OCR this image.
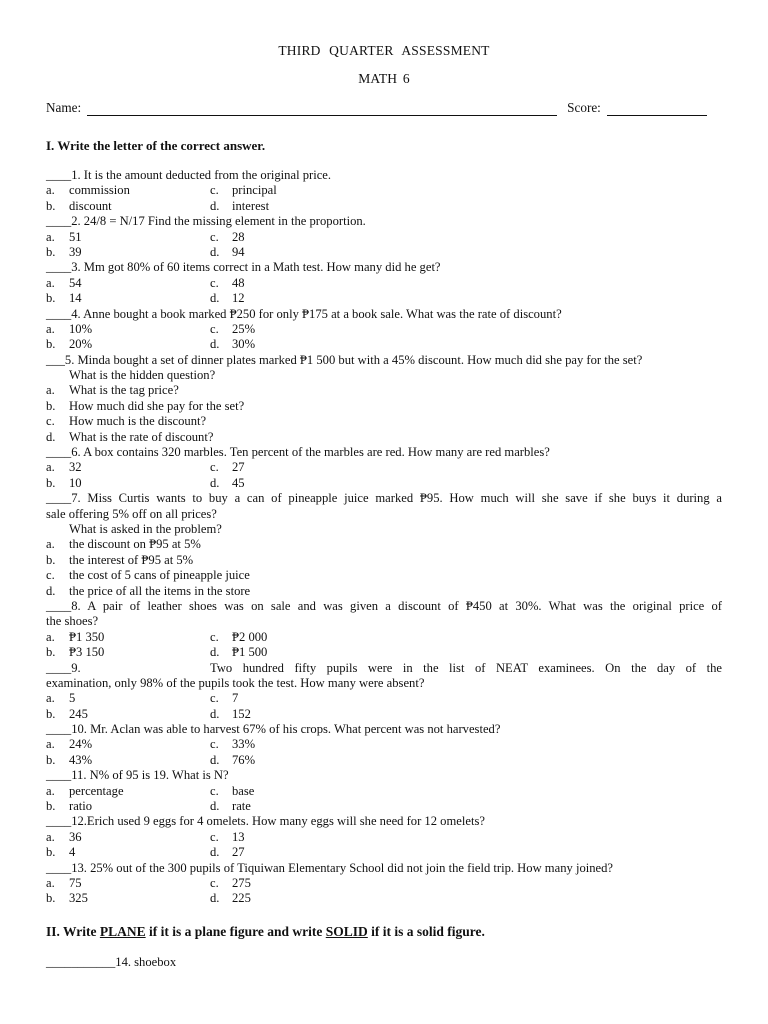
THIRD QUARTER ASSESSMENT
MATH 6
Name:	Score:
I. Write the letter of the correct answer.
____1. It is the amount deducted from the original price.
a. commission	c. principal
b. discount	d. interest
____2. 24/8 = N/17 Find the missing element in the proportion.
a. 51	c. 28
b. 39	d. 94
____3. Mm got 80% of 60 items correct in a Math test. How many did he get?
a. 54	c. 48
b. 14	d. 12
____4. Anne bought a book marked ₱250 for only ₱175 at a book sale. What was the rate of discount?
a. 10%	c. 25%
b. 20%	d. 30%
___5. Minda bought a set of dinner plates marked ₱1 500 but with a 45% discount. How much did she pay for the set?
What is the hidden question?
a. What is the tag price?
b. How much did she pay for the set?
c. How much is the discount?
d. What is the rate of discount?
____6. A box contains 320 marbles. Ten percent of the marbles are red. How many are red marbles?
a. 32	c. 27
b. 10	d. 45
____7. Miss Curtis wants to buy a can of pineapple juice marked ₱95. How much will she save if she buys it during a
sale offering 5% off on all prices?
What is asked in the problem?
a. the discount on ₱95 at 5%
b. the interest of ₱95 at 5%
c. the cost of 5 cans of pineapple juice
d. the price of all the items in the store
____8. A pair of leather shoes was on sale and was given a discount of ₱450 at 30%. What was the original price of
the shoes?
a. ₱1 350	c. ₱2 000
b. ₱3 150	d. ₱1 500
____9.	Two hundred fifty pupils were in the list of NEAT examinees. On the day of the
examination, only 98% of the pupils took the test. How many were absent?
a. 5	c. 7
b. 245	d. 152
____10. Mr. Aclan was able to harvest 67% of his crops. What percent was not harvested?
a. 24%	c. 33%
b. 43%	d. 76%
____11. N% of 95 is 19. What is N?
a. percentage	c. base
b. ratio	d. rate
____12.Erich used 9 eggs for 4 omelets. How many eggs will she need for 12 omelets?
a. 36	c. 13
b. 4	d. 27
____13. 25% out of the 300 pupils of Tiquiwan Elementary School did not join the field trip. How many joined?
a. 75	c. 275
b. 325	d. 225
II. Write PLANE if it is a plane figure and write SOLID if it is a solid figure.
___________14. shoebox
